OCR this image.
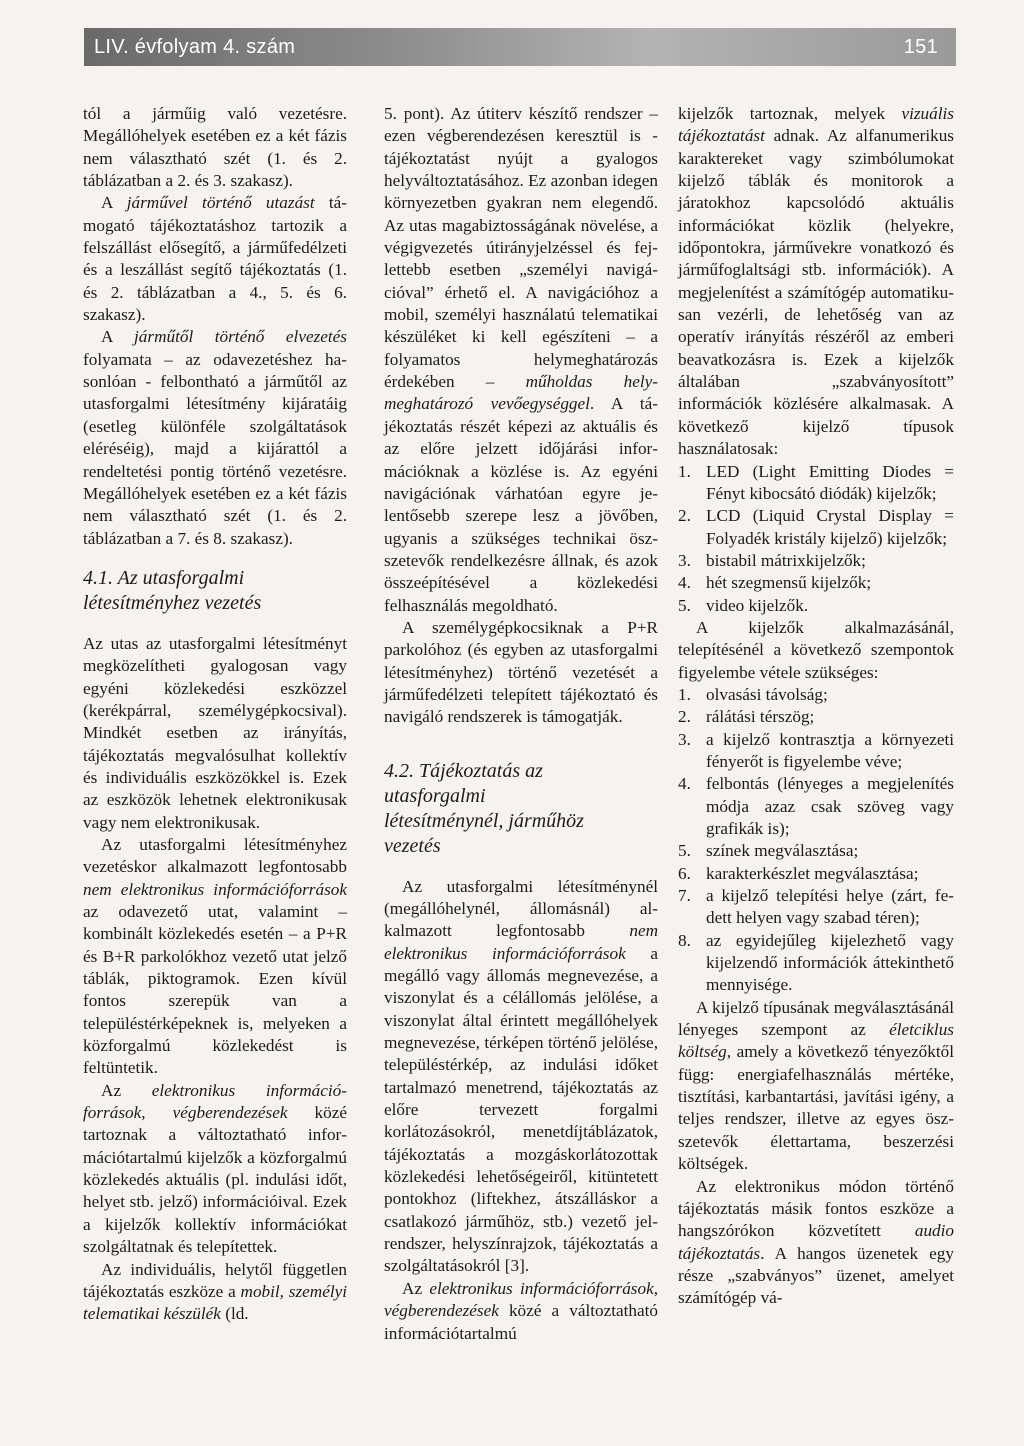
LIV. évfolyam 4. szám	151

tól a járműig való vezetésre. Megállóhelyek esetében ez a két fázis nem választható szét (1. és 2. táblázatban a 2. és 3. szakasz).

A járművel történő utazást támogató tájékoztatáshoz tartozik a felszállást elősegítő, a járműfedélzeti és a leszállást segítő tájékoztatás (1. és 2. táblázatban a 4., 5. és 6. szakasz).

A járműtől történő elvezetés folyamata – az odavezetéshez hasonlóan - felbontható a járműtől az utasforgalmi létesítmény kijáratáig (esetleg különféle szolgáltatások eléréséig), majd a kijárattól a rendeltetési pontig történő vezetésre. Megállóhelyek esetében ez a két fázis nem választható szét (1. és 2. táblázatban a 7. és 8. szakasz).

4.1. Az utasforgalmi létesítményhez vezetés

Az utas az utasforgalmi létesítményt megközelítheti gyalogosan vagy egyéni közlekedési eszközzel (kerékpárral, személygépkocsival). Mindkét esetben az irányítás, tájékoztatás megvalósulhat kollektív és individuális eszközökkel is. Ezek az eszközök lehetnek elektronikusak vagy nem elektronikusak.

Az utasforgalmi létesítményhez vezetéskor alkalmazott legfontosabb nem elektronikus információforrások az odavezető utat, valamint – kombinált közlekedés esetén – a P+R és B+R parkolókhoz vezető utat jelző táblák, piktogramok. Ezen kívül fontos szerepük van a településtérképeknek is, melyeken a közforgalmú közlekedést is feltüntetik.

Az elektronikus információforrások, végberendezések közé tartoznak a változtatható információtartalmú kijelzők a közforgalmú közlekedés aktuális (pl. indulási időt, helyet stb. jelző) információival. Ezek a kijelzők kollektív információkat szolgáltatnak és telepítettek.

Az individuális, helytől független tájékoztatás eszköze a mobil, személyi telematikai készülék (ld.

5. pont). Az útiterv készítő rendszer – ezen végberendezésen keresztül is - tájékoztatást nyújt a gyalogos helyváltoztatásához. Ez azonban idegen környezetben gyakran nem elegendő. Az utas magabiztosságának növelése, a végigvezetés útirányjelzéssel és fejlettebb esetben „személyi navigációval” érhető el. A navigációhoz a mobil, személyi használatú telematikai készüléket ki kell egészíteni – a folyamatos helymeghatározás érdekében – műholdas helymeghatározó vevőegységgel. A tájékoztatás részét képezi az aktuális és az előre jelzett időjárási információknak a közlése is. Az egyéni navigációnak várhatóan egyre jelentősebb szerepe lesz a jövőben, ugyanis a szükséges technikai öszszetevők rendelkezésre állnak, és azok összeépítésével a közlekedési felhasználás megoldható.

A személygépkocsiknak a P+R parkolóhoz (és egyben az utasforgalmi létesítményhez) történő vezetését a járműfedélzeti telepített tájékoztató és navigáló rendszerek is támogatják.

4.2. Tájékoztatás az utasforgalmi létesítménynél, járműhöz vezetés

Az utasforgalmi létesítménynél (megállóhelynél, állomásnál) alkalmazott legfontosabb nem elektronikus információforrások a megálló vagy állomás megnevezése, a viszonylat és a célállomás jelölése, a viszonylat által érintett megállóhelyek megnevezése, térképen történő jelölése, településtérkép, az indulási időket tartalmazó menetrend, tájékoztatás az előre tervezett forgalmi korlátozásokról, menetdíjtáblázatok, tájékoztatás a mozgáskorlátozottak közlekedési lehetőségeiről, kitüntetett pontokhoz (liftekhez, átszálláskor a csatlakozó járműhöz, stb.) vezető jelrendszer, helyszínrajzok, tájékoztatás a szolgáltatásokról [3].

Az elektronikus információforrások, végberendezések közé a változtatható információtartalmú

kijelzők tartoznak, melyek vizuális tájékoztatást adnak. Az alfanumerikus karaktereket vagy szimbólumokat kijelző táblák és monitorok a járatokhoz kapcsolódó aktuális információkat közlik (helyekre, időpontokra, járművekre vonatkozó és járműfoglaltsági stb. információk). A megjelenítést a számítógép automatikusan vezérli, de lehetőség van az operatív irányítás részéről az emberi beavatkozásra is. Ezek a kijelzők általában „szabványosított” információk közlésére alkalmasak. A következő kijelző típusok használatosak:

1. LED (Light Emitting Diodes = Fényt kibocsátó diódák) kijelzők;
2. LCD (Liquid Crystal Display = Folyadék kristály kijelző) kijelzők;
3. bistabil mátrixkijelzők;
4. hét szegmensű kijelzők;
5. video kijelzők.

A kijelzők alkalmazásánál, telepítésénél a következő szempontok figyelembe vétele szükséges:

1. olvasási távolság;
2. rálátási térszög;
3. a kijelző kontrasztja a környezeti fényerőt is figyelembe véve;
4. felbontás (lényeges a megjelenítés módja azaz csak szöveg vagy grafikák is);
5. színek megválasztása;
6. karakterkészlet megválasztása;
7. a kijelző telepítési helye (zárt, fedett helyen vagy szabad téren);
8. az egyidejűleg kijelezhető vagy kijelzendő információk áttekinthető mennyisége.

A kijelző típusának megválasztásánál lényeges szempont az életciklus költség, amely a következő tényezőktől függ: energiafelhasználás mértéke, tisztítási, karbantartási, javítási igény, a teljes rendszer, illetve az egyes öszszetevők élettartama, beszerzési költségek.

Az elektronikus módon történő tájékoztatás másik fontos eszköze a hangszórókon közvetített audio tájékoztatás. A hangos üzenetek egy része „szabványos” üzenet, amelyet számítógép vá-
